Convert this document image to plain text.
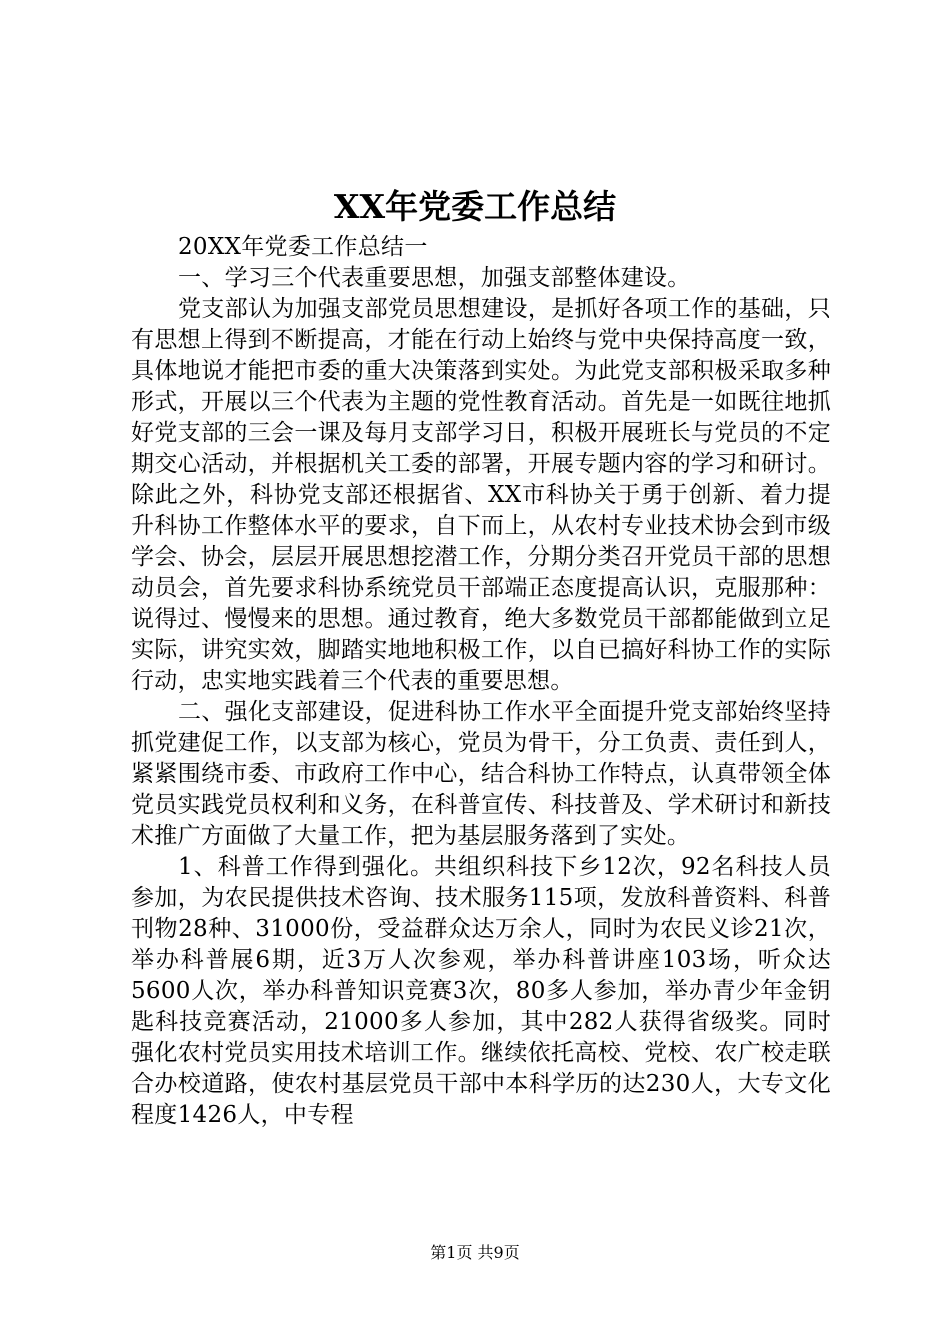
XX年党委工作总结

20XX年党委工作总结一

一、学习三个代表重要思想，加强支部整体建设。

党支部认为加强支部党员思想建设，是抓好各项工作的基础，只有思想上得到不断提高，才能在行动上始终与党中央保持高度一致，具体地说才能把市委的重大决策落到实处。为此党支部积极采取多种形式，开展以三个代表为主题的党性教育活动。首先是一如既往地抓好党支部的三会一课及每月支部学习日，积极开展班长与党员的不定期交心活动，并根据机关工委的部署，开展专题内容的学习和研讨。除此之外，科协党支部还根据省、XX市科协关于勇于创新、着力提升科协工作整体水平的要求，自下而上，从农村专业技术协会到市级学会、协会，层层开展思想挖潜工作，分期分类召开党员干部的思想动员会，首先要求科协系统党员干部端正态度提高认识，克服那种：说得过、慢慢来的思想。通过教育，绝大多数党员干部都能做到立足实际，讲究实效，脚踏实地地积极工作，以自已搞好科协工作的实际行动，忠实地实践着三个代表的重要思想。

二、强化支部建设，促进科协工作水平全面提升党支部始终坚持抓党建促工作，以支部为核心，党员为骨干，分工负责、责任到人，紧紧围绕市委、市政府工作中心，结合科协工作特点，认真带领全体党员实践党员权利和义务，在科普宣传、科技普及、学术研讨和新技术推广方面做了大量工作，把为基层服务落到了实处。

1、科普工作得到强化。共组织科技下乡12次，92名科技人员参加，为农民提供技术咨询、技术服务115项，发放科普资料、科普刊物28种、31000份，受益群众达万余人，同时为农民义诊21次，举办科普展6期，近3万人次参观，举办科普讲座103场，听众达5600人次，举办科普知识竞赛3次，80多人参加，举办青少年金钥匙科技竞赛活动，21000多人参加，其中282人获得省级奖。同时强化农村党员实用技术培训工作。继续依托高校、党校、农广校走联合办校道路，使农村基层党员干部中本科学历的达230人，大专文化程度1426人，中专程

第1页 共9页
